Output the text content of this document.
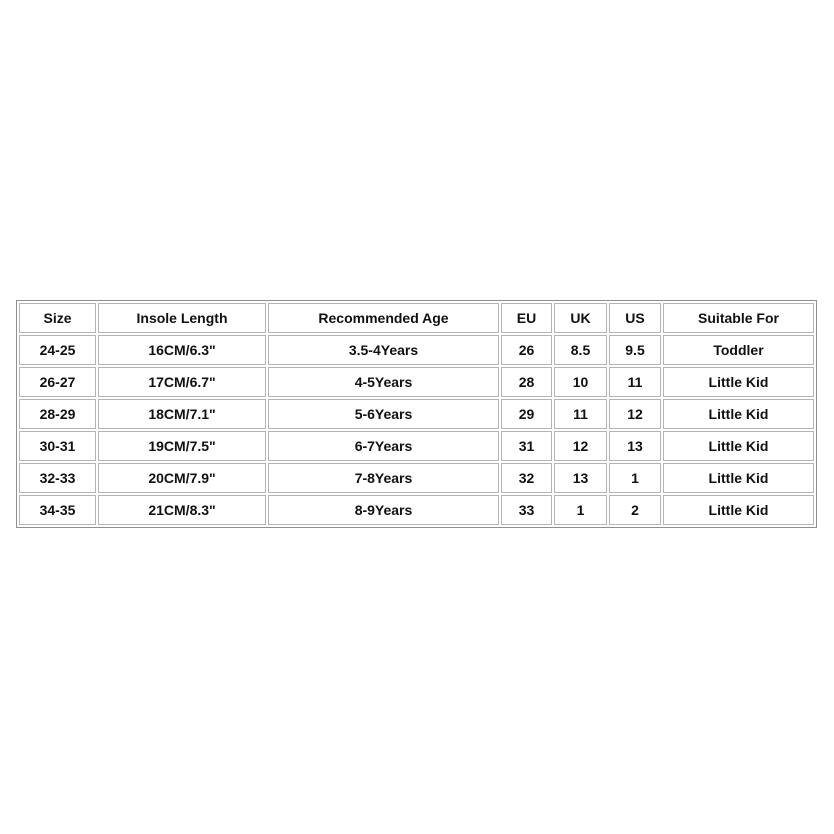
Size	Insole Length	Recommended Age	EU	UK	US	Suitable For
24-25	16CM/6.3"	3.5-4Years	26	8.5	9.5	Toddler
26-27	17CM/6.7"	4-5Years	28	10	11	Little Kid
28-29	18CM/7.1"	5-6Years	29	11	12	Little Kid
30-31	19CM/7.5"	6-7Years	31	12	13	Little Kid
32-33	20CM/7.9"	7-8Years	32	13	1	Little Kid
34-35	21CM/8.3"	8-9Years	33	1	2	Little Kid
